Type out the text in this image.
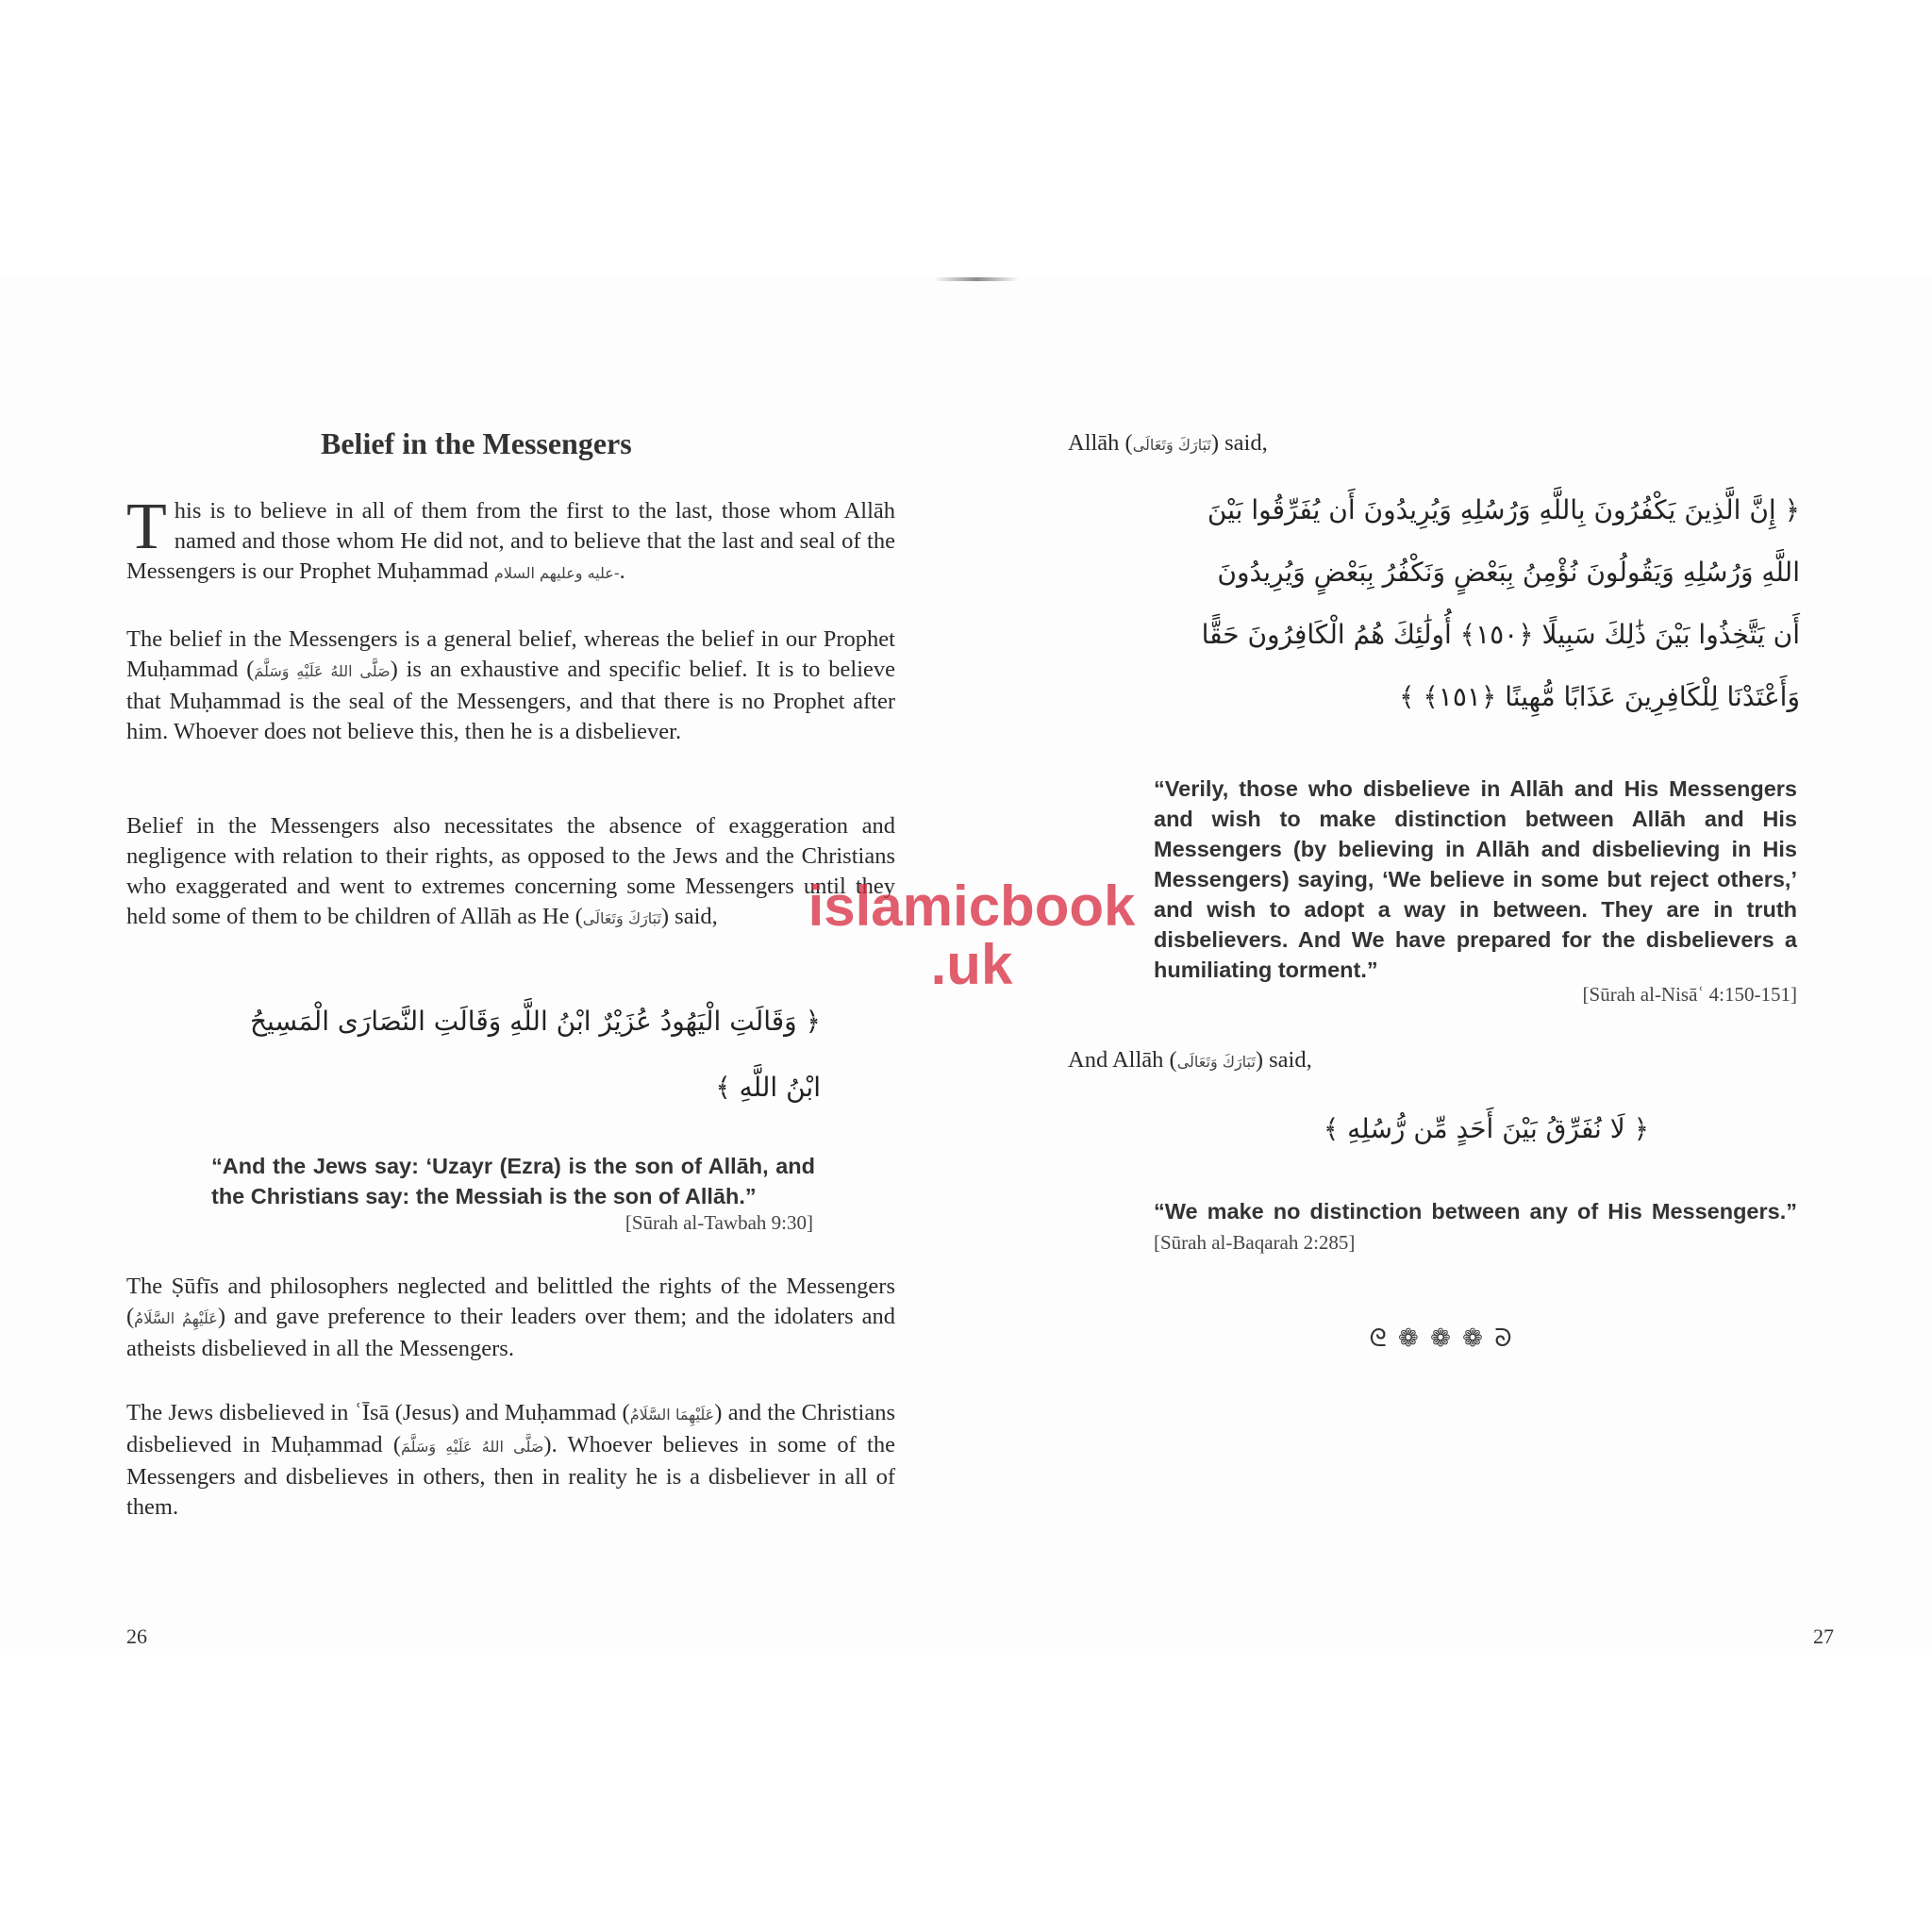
Belief in the Messengers

This is to believe in all of them from the first to the last, those whom Allāh named and those whom He did not, and to believe that the last and seal of the Messengers is our Prophet Muḥammad -عليه وعليهم السلام.

The belief in the Messengers is a general belief, whereas the belief in our Prophet Muḥammad (صَلَّى اللهُ عَلَيْهِ وَسَلَّمَ) is an exhaustive and specific belief. It is to believe that Muḥammad is the seal of the Messengers, and that there is no Prophet after him. Whoever does not believe this, then he is a disbeliever.

Belief in the Messengers also necessitates the absence of exaggeration and negligence with relation to their rights, as opposed to the Jews and the Christians who exaggerated and went to extremes concerning some Messengers until they held some of them to be children of Allāh as He (تَبَارَكَ وَتَعَالَى) said,

﴿ وَقَالَتِ الْيَهُودُ عُزَيْرٌ ابْنُ اللَّهِ وَقَالَتِ النَّصَارَى الْمَسِيحُ

ابْنُ اللَّهِ ﴾

“And the Jews say: ‘Uzayr (Ezra) is the son of Allāh, and the Christians say: the Messiah is the son of Allāh.”

[Sūrah al-Tawbah 9:30]

The Ṣūfīs and philosophers neglected and belittled the rights of the Messengers (عَلَيْهِمُ السَّلَامُ) and gave preference to their leaders over them; and the idolaters and atheists disbelieved in all the Messengers.

The Jews disbelieved in ʿĪsā (Jesus) and Muḥammad (عَلَيْهِمَا السَّلَامُ) and the Christians disbelieved in Muḥammad (صَلَّى اللهُ عَلَيْهِ وَسَلَّمَ). Whoever believes in some of the Messengers and disbelieves in others, then in reality he is a disbeliever in all of them.

26

Allāh (تَبَارَكَ وَتَعَالَى) said,

﴿ إِنَّ الَّذِينَ يَكْفُرُونَ بِاللَّهِ وَرُسُلِهِ وَيُرِيدُونَ أَن يُفَرِّقُوا بَيْنَ

اللَّهِ وَرُسُلِهِ وَيَقُولُونَ نُؤْمِنُ بِبَعْضٍ وَنَكْفُرُ بِبَعْضٍ وَيُرِيدُونَ

أَن يَتَّخِذُوا بَيْنَ ذَٰلِكَ سَبِيلًا ﴿١٥٠﴾ أُولَٰئِكَ هُمُ الْكَافِرُونَ حَقًّا

وَأَعْتَدْنَا لِلْكَافِرِينَ عَذَابًا مُّهِينًا ﴿١٥١﴾ ﴾

“Verily, those who disbelieve in Allāh and His Messengers and wish to make distinction between Allāh and His Messengers (by believing in Allāh and disbelieving in His Messengers) saying, ‘We believe in some but reject others,’ and wish to adopt a way in between. They are in truth disbelievers. And We have prepared for the disbelievers a humiliating torment.”

[Sūrah al-Nisāʿ 4:150-151]

And Allāh (تَبَارَكَ وَتَعَالَى) said,

﴿ لَا نُفَرِّقُ بَيْنَ أَحَدٍ مِّن رُّسُلِهِ ﴾

“We make no distinction between any of His Messengers.” [Sūrah al-Baqarah 2:285]

ᘓ ❁ ❁ ❁ ᘐ
27
islamicbook
.uk
